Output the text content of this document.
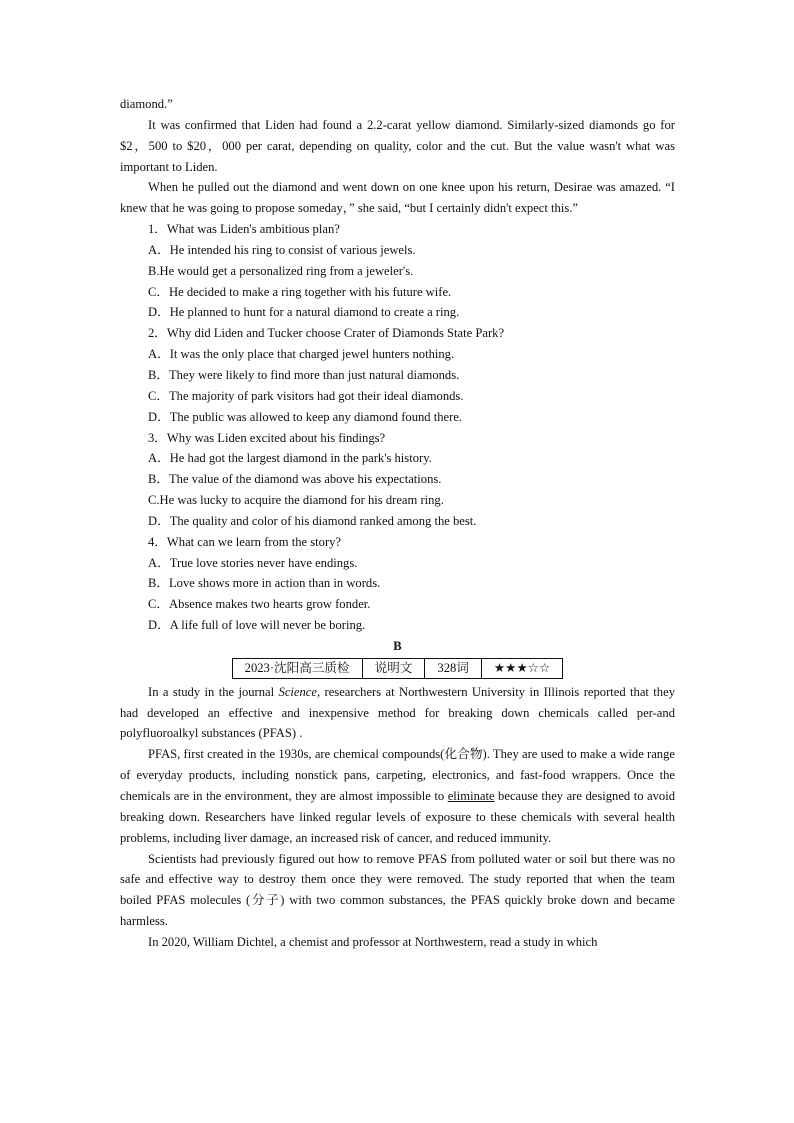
diamond.”

It was confirmed that Liden had found a 2.2-carat yellow diamond. Similarly-sized diamonds go for $2，500 to $20，000 per carat, depending on quality, color and the cut. But the value wasn't what was important to Liden.

When he pulled out the diamond and went down on one knee upon his return, Desirae was amazed. “I knew that he was going to propose someday，” she said, “but I certainly didn't expect this.”

1．What was Liden's ambitious plan?

A．He intended his ring to consist of various jewels.

B.He would get a personalized ring from a jeweler's.

C．He decided to make a ring together with his future wife.

D．He planned to hunt for a natural diamond to create a ring.

2．Why did Liden and Tucker choose Crater of Diamonds State Park?

A．It was the only place that charged jewel hunters nothing.

B．They were likely to find more than just natural diamonds.

C．The majority of park visitors had got their ideal diamonds.

D．The public was allowed to keep any diamond found there.

3．Why was Liden excited about his findings?

A．He had got the largest diamond in the park's history.

B．The value of the diamond was above his expectations.

C.He was lucky to acquire the diamond for his dream ring.

D．The quality and color of his diamond ranked among the best.

4．What can we learn from the story?

A．True love stories never have endings.

B．Love shows more in action than in words.

C．Absence makes two hearts grow fonder.

D．A life full of love will never be boring.

B

2023·沈阳高三质检	说明文	328词	★★★☆☆

In a study in the journal Science, researchers at Northwestern University in Illinois reported that they had developed an effective and inexpensive method for breaking down chemicals called per-and polyfluoroalkyl substances (PFAS) .

PFAS, first created in the 1930s, are chemical compounds(化合物). They are used to make a wide range of everyday products, including nonstick pans, carpeting, electronics, and fast-food wrappers. Once the chemicals are in the environment, they are almost impossible to eliminate because they are designed to avoid breaking down. Researchers have linked regular levels of exposure to these chemicals with several health problems, including liver damage, an increased risk of cancer, and reduced immunity.

Scientists had previously figured out how to remove PFAS from polluted water or soil but there was no safe and effective way to destroy them once they were removed. The study reported that when the team boiled PFAS molecules (分子) with two common substances, the PFAS quickly broke down and became harmless.

In 2020, William Dichtel, a chemist and professor at Northwestern, read a study in which
